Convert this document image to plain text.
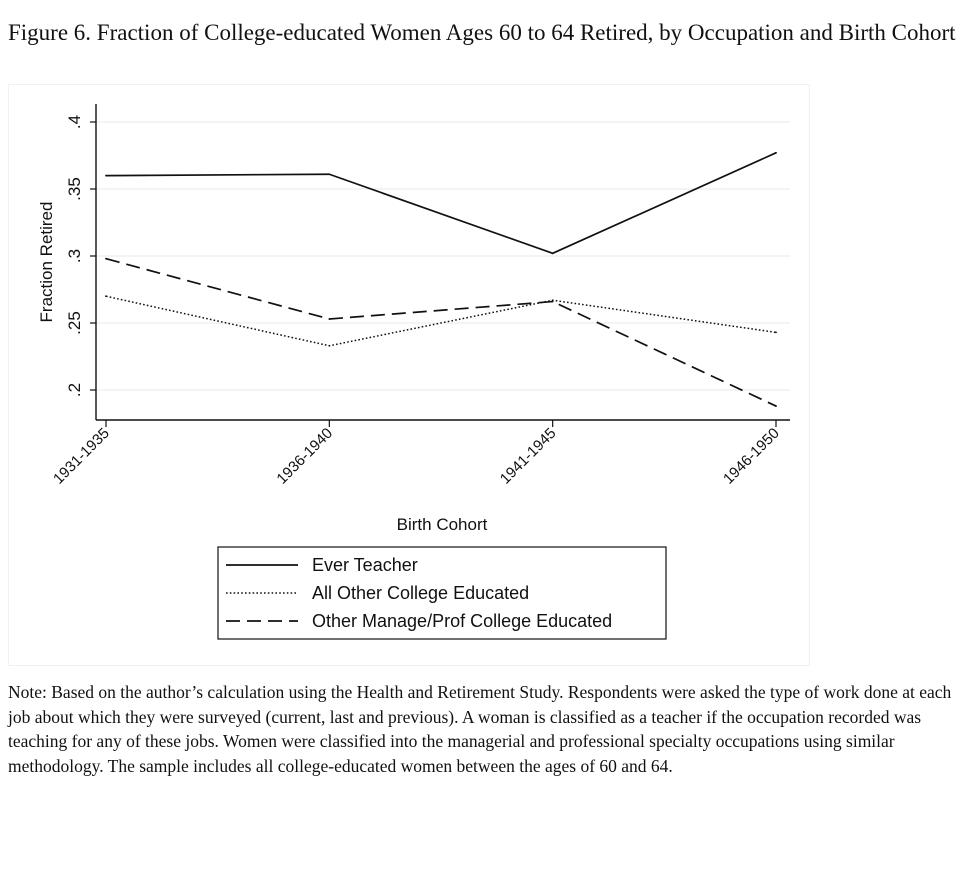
Figure 6. Fraction of College-educated Women Ages 60 to 64 Retired, by Occupation and Birth Cohort
.2
.25
.3
.35
.4
1931-1935	1936-1940	1941-1945	1946-1950
Fraction Retired
Birth Cohort
Ever Teacher
All Other College Educated
Other Manage/Prof College Educated

Note: Based on the author’s calculation using the Health and Retirement Study. Respondents were asked the type of work done at each job about which they were surveyed (current, last and previous). A woman is classified as a teacher if the occupation recorded was teaching for any of these jobs. Women were classified into the managerial and professional specialty occupations using similar methodology. The sample includes all college-educated women between the ages of 60 and 64.
